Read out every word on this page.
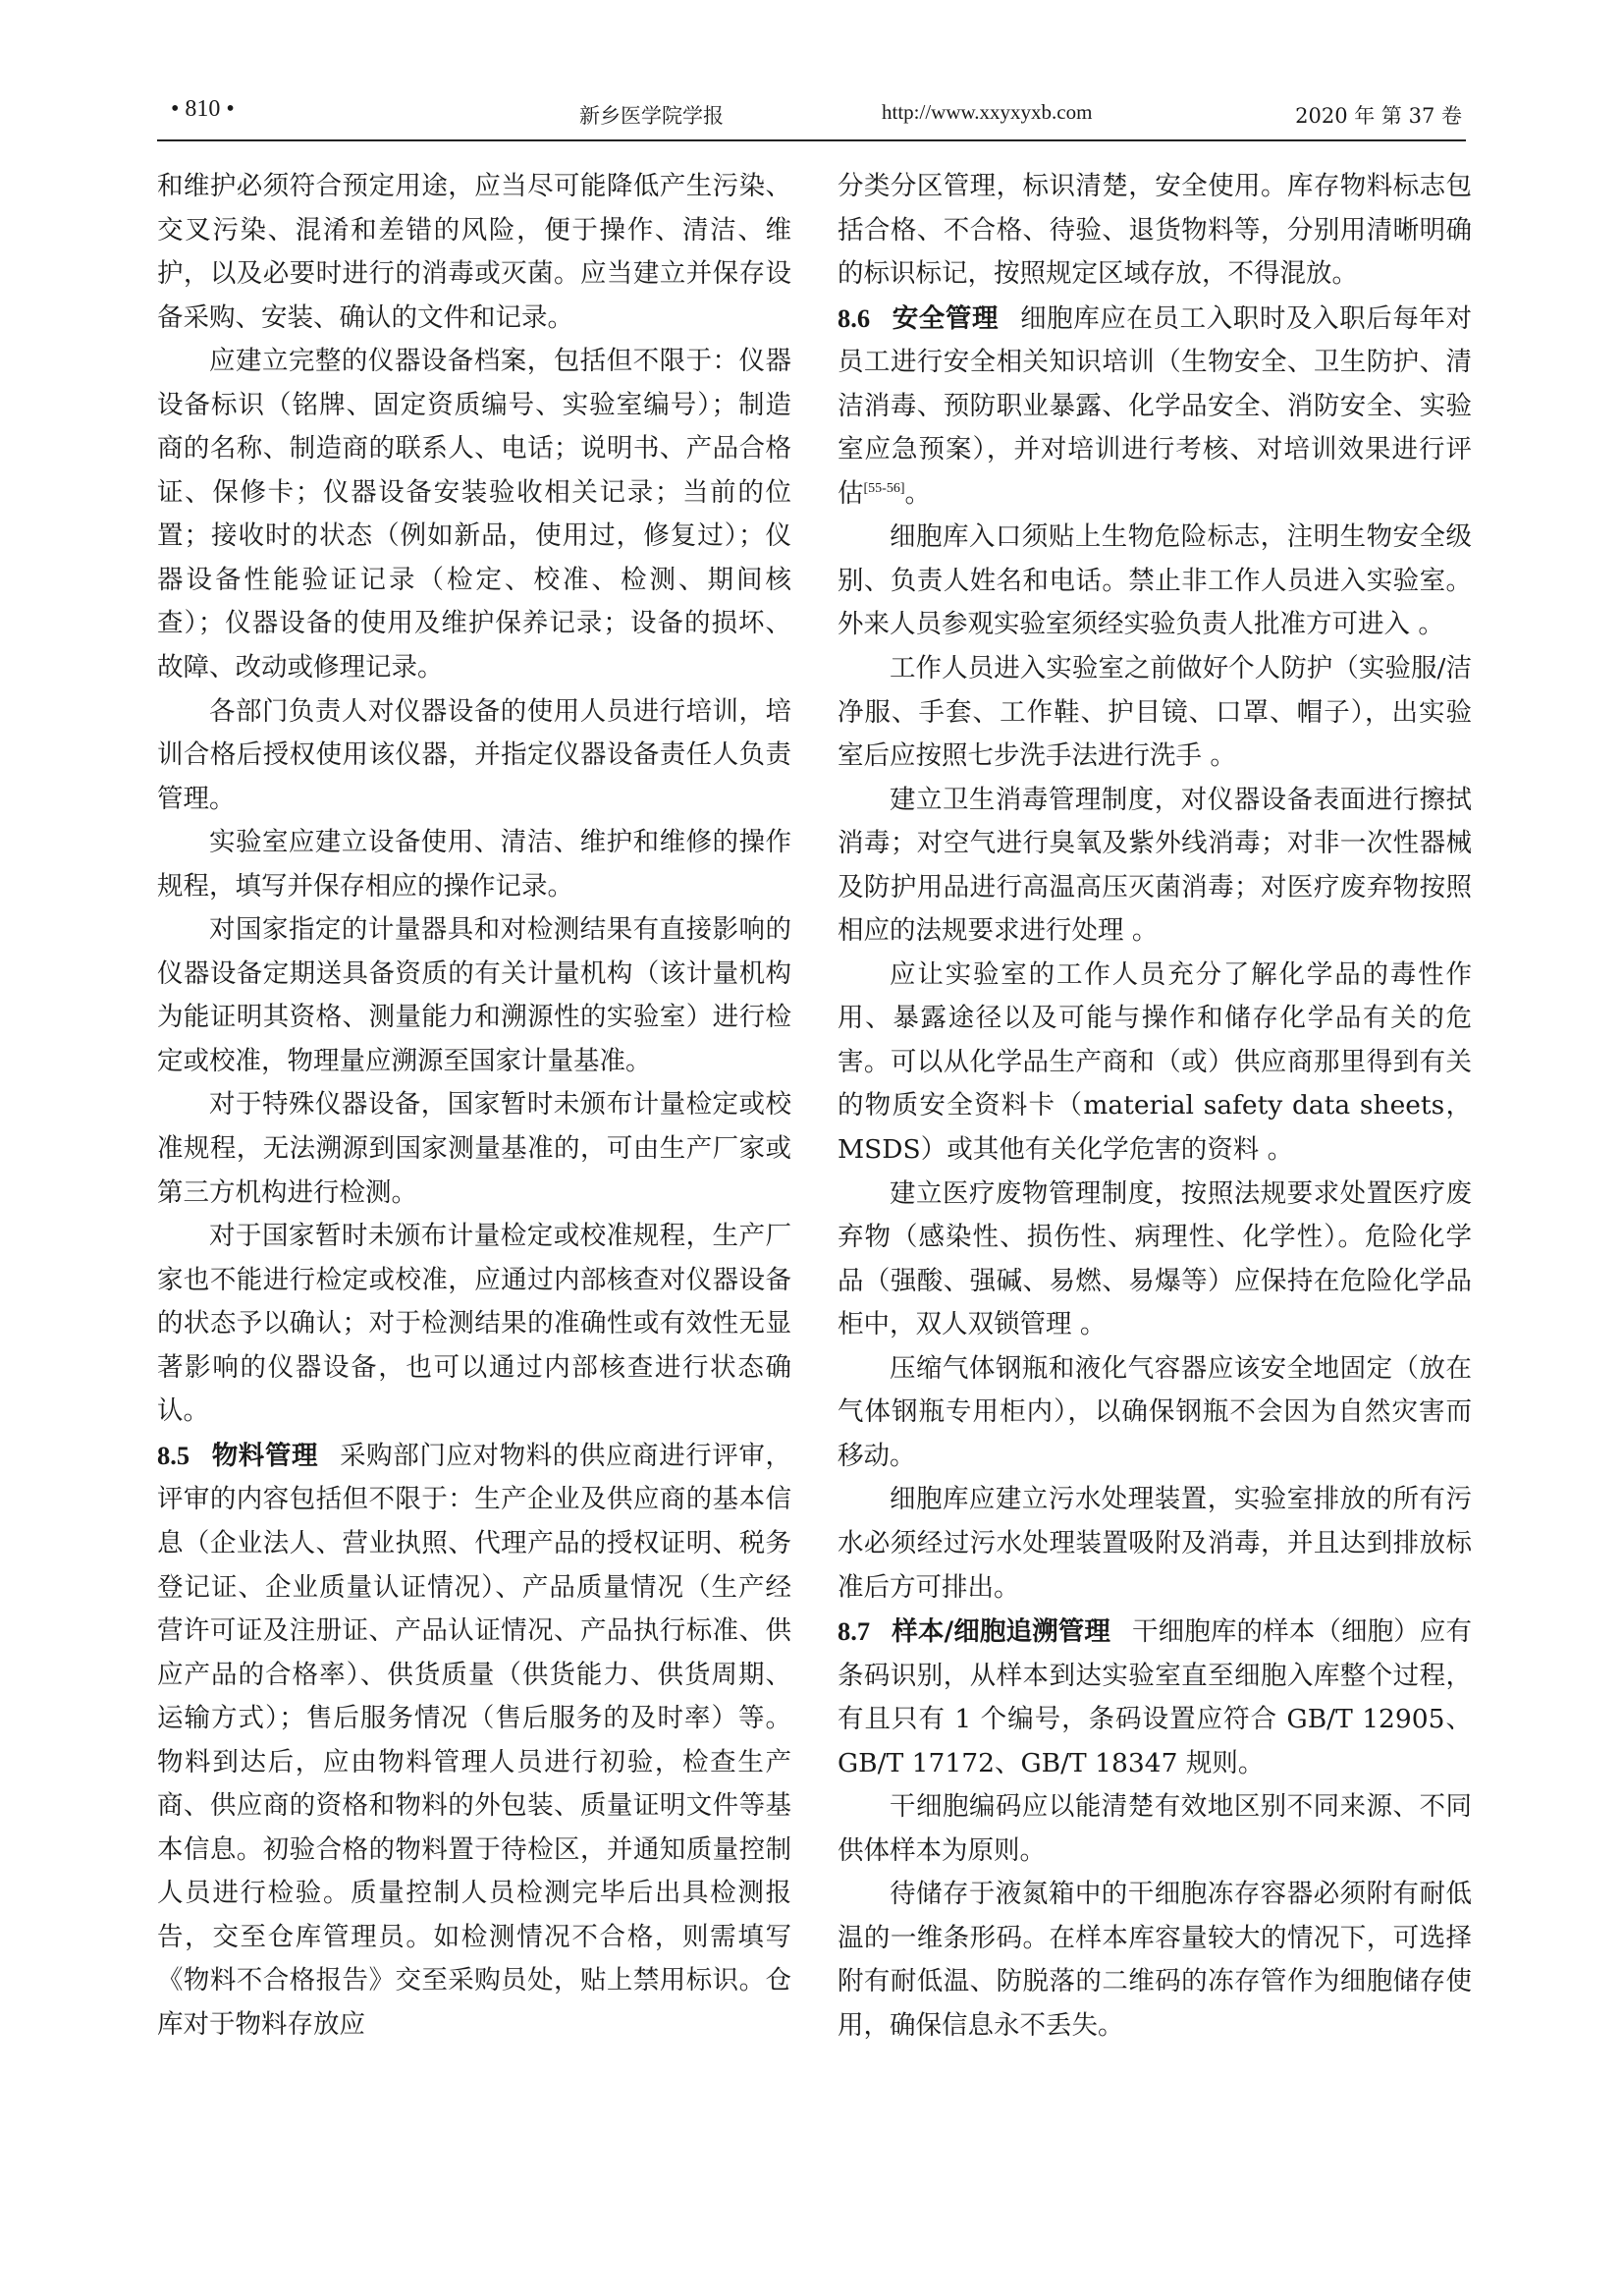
• 810 •	新乡医学院学报	http://www.xxyxyxb.com	2020 年 第 37 卷

和维护必须符合预定用途，应当尽可能降低产生污染、交叉污染、混淆和差错的风险，便于操作、清洁、维护，以及必要时进行的消毒或灭菌。应当建立并保存设备采购、安装、确认的文件和记录。

应建立完整的仪器设备档案，包括但不限于：仪器设备标识（铭牌、固定资质编号、实验室编号）；制造商的名称、制造商的联系人、电话；说明书、产品合格证、保修卡；仪器设备安装验收相关记录；当前的位置；接收时的状态（例如新品，使用过，修复过）；仪器设备性能验证记录（检定、校准、检测、期间核查）；仪器设备的使用及维护保养记录；设备的损坏、故障、改动或修理记录。

各部门负责人对仪器设备的使用人员进行培训，培训合格后授权使用该仪器，并指定仪器设备责任人负责管理。

实验室应建立设备使用、清洁、维护和维修的操作规程，填写并保存相应的操作记录。

对国家指定的计量器具和对检测结果有直接影响的仪器设备定期送具备资质的有关计量机构（该计量机构为能证明其资格、测量能力和溯源性的实验室）进行检定或校准，物理量应溯源至国家计量基准。

对于特殊仪器设备，国家暂时未颁布计量检定或校准规程，无法溯源到国家测量基准的，可由生产厂家或第三方机构进行检测。

对于国家暂时未颁布计量检定或校准规程，生产厂家也不能进行检定或校准，应通过内部核查对仪器设备的状态予以确认；对于检测结果的准确性或有效性无显著影响的仪器设备，也可以通过内部核查进行状态确认。

8.5 物料管理 采购部门应对物料的供应商进行评审，评审的内容包括但不限于：生产企业及供应商的基本信息（企业法人、营业执照、代理产品的授权证明、税务登记证、企业质量认证情况）、产品质量情况（生产经营许可证及注册证、产品认证情况、产品执行标准、供应产品的合格率）、供货质量（供货能力、供货周期、运输方式）；售后服务情况（售后服务的及时率）等。物料到达后，应由物料管理人员进行初验，检查生产商、供应商的资格和物料的外包装、质量证明文件等基本信息。初验合格的物料置于待检区，并通知质量控制人员进行检验。质量控制人员检测完毕后出具检测报告，交至仓库管理员。如检测情况不合格，则需填写《物料不合格报告》交至采购员处，贴上禁用标识。仓库对于物料存放应

分类分区管理，标识清楚，安全使用。库存物料标志包括合格、不合格、待验、退货物料等，分别用清晰明确的标识标记，按照规定区域存放，不得混放。

8.6 安全管理 细胞库应在员工入职时及入职后每年对员工进行安全相关知识培训（生物安全、卫生防护、清洁消毒、预防职业暴露、化学品安全、消防安全、实验室应急预案），并对培训进行考核、对培训效果进行评估[55-56]。

细胞库入口须贴上生物危险标志，注明生物安全级别、负责人姓名和电话。禁止非工作人员进入实验室。外来人员参观实验室须经实验负责人批准方可进入 。

工作人员进入实验室之前做好个人防护（实验服/洁净服、手套、工作鞋、护目镜、口罩、帽子），出实验室后应按照七步洗手法进行洗手 。

建立卫生消毒管理制度，对仪器设备表面进行擦拭消毒；对空气进行臭氧及紫外线消毒；对非一次性器械及防护用品进行高温高压灭菌消毒；对医疗废弃物按照相应的法规要求进行处理 。

应让实验室的工作人员充分了解化学品的毒性作用、暴露途径以及可能与操作和储存化学品有关的危害。可以从化学品生产商和（或）供应商那里得到有关的物质安全资料卡（material safety data sheets，MSDS）或其他有关化学危害的资料 。

建立医疗废物管理制度，按照法规要求处置医疗废弃物（感染性、损伤性、病理性、化学性）。危险化学品（强酸、强碱、易燃、易爆等）应保持在危险化学品柜中，双人双锁管理 。

压缩气体钢瓶和液化气容器应该安全地固定（放在气体钢瓶专用柜内），以确保钢瓶不会因为自然灾害而移动。

细胞库应建立污水处理装置，实验室排放的所有污水必须经过污水处理装置吸附及消毒，并且达到排放标准后方可排出。

8.7 样本/细胞追溯管理 干细胞库的样本（细胞）应有条码识别，从样本到达实验室直至细胞入库整个过程，有且只有 1 个编号，条码设置应符合 GB/T 12905、GB/T 17172、GB/T 18347 规则。

干细胞编码应以能清楚有效地区别不同来源、不同供体样本为原则。

待储存于液氮箱中的干细胞冻存容器必须附有耐低温的一维条形码。在样本库容量较大的情况下，可选择附有耐低温、防脱落的二维码的冻存管作为细胞储存使用，确保信息永不丢失。
